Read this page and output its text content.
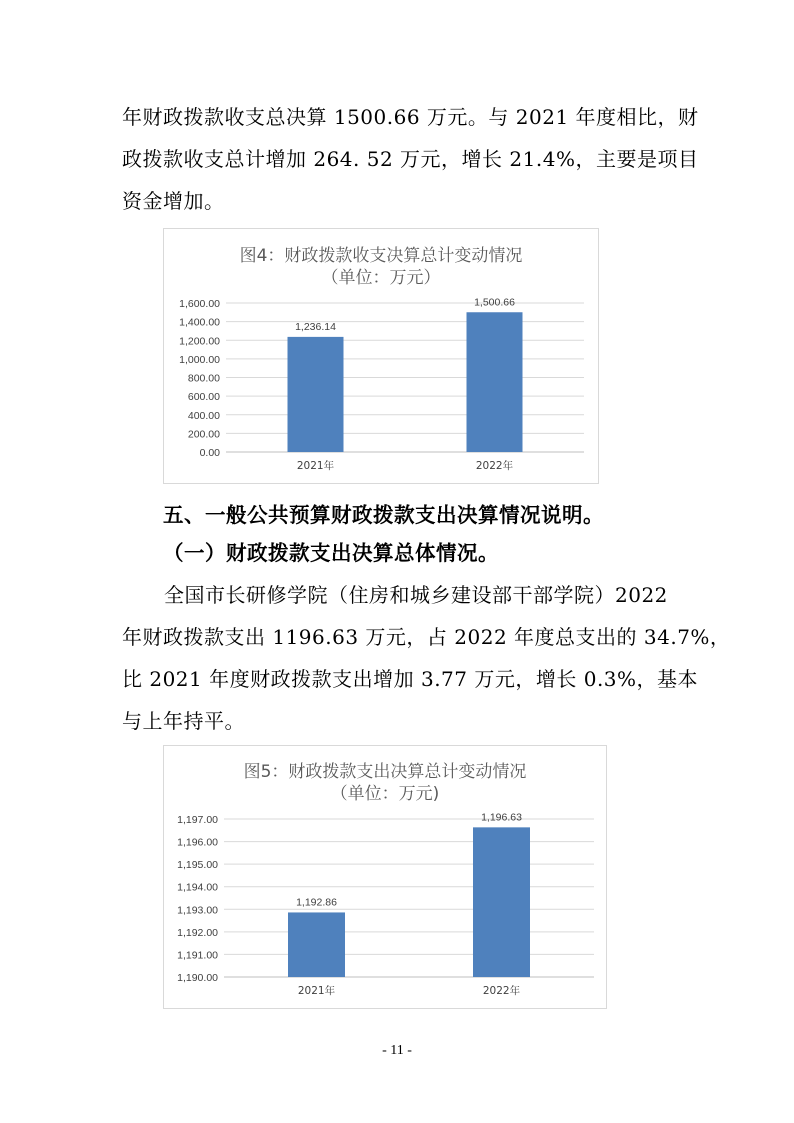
年财政拨款收支总决算 1500.66 万元。与 2021 年度相比，财
政拨款收支总计增加 264. 52 万元，增长 21.4%，主要是项目
资金增加。

图4：财政拨款收支决算总计变动情况
（单位：万元）
0.00
200.00
400.00
600.00
800.00
1,000.00
1,200.00
1,400.00
1,600.00
1,236.14
2021年
1,500.66
2022年

五、一般公共预算财政拨款支出决算情况说明。

（一）财政拨款支出决算总体情况。

全国市长研修学院（住房和城乡建设部干部学院）2022
年财政拨款支出 1196.63 万元，占 2022 年度总支出的 34.7%，
比 2021 年度财政拨款支出增加 3.77 万元，增长 0.3%，基本
与上年持平。

图5：财政拨款支出决算总计变动情况
（单位：万元)
1,190.00
1,191.00
1,192.00
1,193.00
1,194.00
1,195.00
1,196.00
1,197.00
1,192.86
2021年
1,196.63
2022年
- 11 -
